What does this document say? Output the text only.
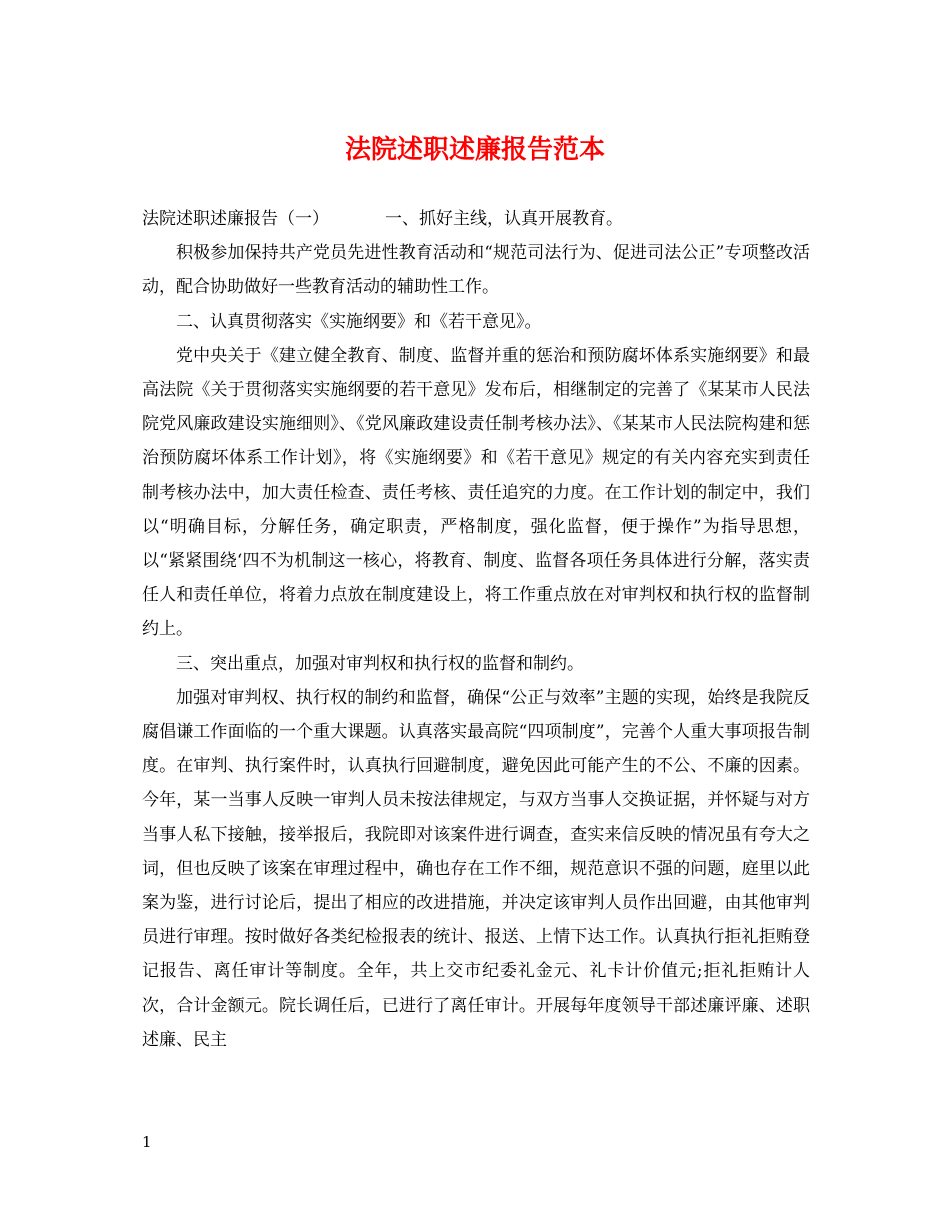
法院述职述廉报告范本

法院述职述廉报告（一）	一、抓好主线，认真开展教育。

积极参加保持共产党员先进性教育活动和“规范司法行为、促进司法公正”专项整改活动，配合协助做好一些教育活动的辅助性工作。

二、认真贯彻落实《实施纲要》和《若干意见》。

党中央关于《建立健全教育、制度、监督并重的惩治和预防腐坏体系实施纲要》和最高法院《关于贯彻落实实施纲要的若干意见》发布后，相继制定的完善了《某某市人民法院党风廉政建设实施细则》、《党风廉政建设责任制考核办法》、《某某市人民法院构建和惩治预防腐坏体系工作计划》，将《实施纲要》和《若干意见》规定的有关内容充实到责任制考核办法中，加大责任检查、责任考核、责任追究的力度。在工作计划的制定中，我们以“明确目标，分解任务，确定职责，严格制度，强化监督，便于操作”为指导思想，以“紧紧围绕‘四不为机制这一核心，将教育、制度、监督各项任务具体进行分解，落实责任人和责任单位，将着力点放在制度建设上，将工作重点放在对审判权和执行权的监督制约上。

三、突出重点，加强对审判权和执行权的监督和制约。

加强对审判权、执行权的制约和监督，确保“公正与效率”主题的实现，始终是我院反腐倡谦工作面临的一个重大课题。认真落实最高院“四项制度”，完善个人重大事项报告制度。在审判、执行案件时，认真执行回避制度，避免因此可能产生的不公、不廉的因素。今年，某一当事人反映一审判人员未按法律规定，与双方当事人交换证据，并怀疑与对方当事人私下接触，接举报后，我院即对该案件进行调查，查实来信反映的情况虽有夸大之词，但也反映了该案在审理过程中，确也存在工作不细，规范意识不强的问题，庭里以此案为鉴，进行讨论后，提出了相应的改进措施，并决定该审判人员作出回避，由其他审判员进行审理。按时做好各类纪检报表的统计、报送、上情下达工作。认真执行拒礼拒贿登记报告、离任审计等制度。全年，共上交市纪委礼金元、礼卡计价值元;拒礼拒贿计人次，合计金额元。院长调任后，已进行了离任审计。开展每年度领导干部述廉评廉、述职述廉、民主

1
